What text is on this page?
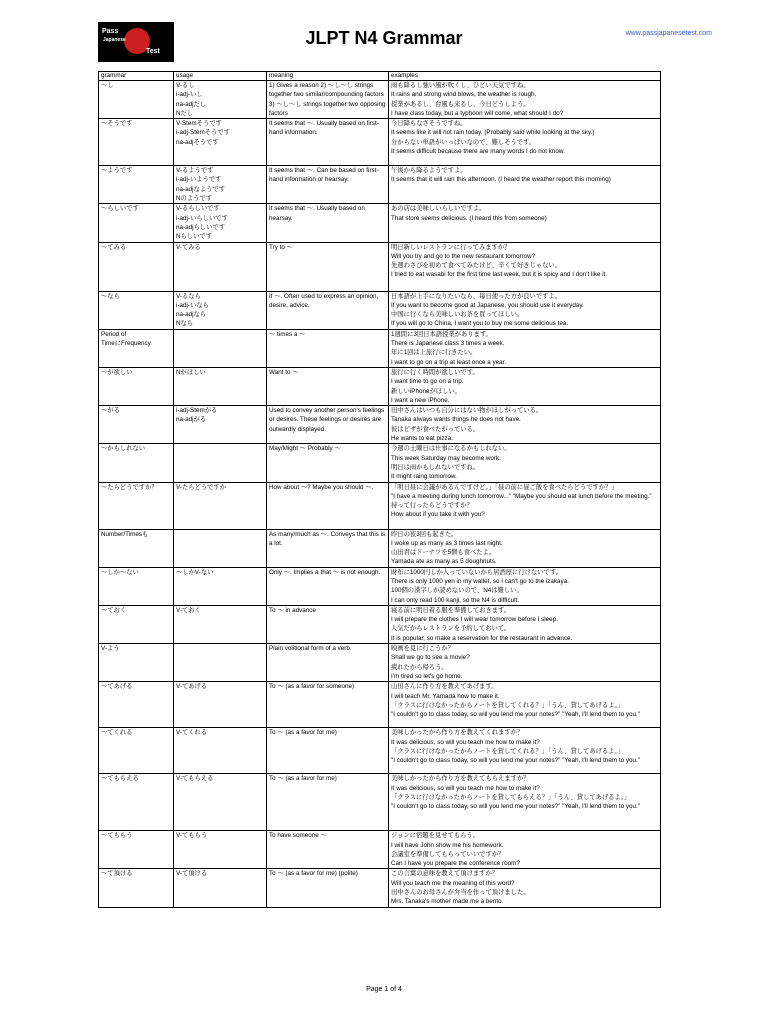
Pass
Japanese
Test
JLPT N4 Grammar	www.passjapanesetest.com
grammar	usage	meaning	examples
〜し	V-るし
i-adj-いし
na-adjだし
Nだし	1) Gives a reason 2) 〜し〜し strings together two similar/compounding factors 3) 〜し〜し strings together two opposing factors	雨も降るし強い風が吹くし、ひどい天気ですね。
It rains and strong wind blows, the weather is rough.
授業があるし、台風も来るし、今日どうしよう。
I have class today, but a typhoon will come, what should I do?

〜そうです	V-Stemそうです
i-adj-Stemそうです
na-adjそうです	It seems that 〜. Usually based on first-hand information.	今日降らなさそうですね。
It seems like it will not rain today. (Probably said while looking at the sky.)
分からない単語がいっぱいなので、難しそうです。
It seems difficult because there are many words I do not know.

〜ようです	V-るようです
i-adj-いようです
na-adjなようです
Nのようです	It seems that 〜. Can be based on first-hand information or hearsay.	午後から降るようですよ。
It seems that it will rain this afternoon. (I heard the weather report this morning)

〜らしいです	V-るらしいです
i-adj-いらしいです
na-adjらしいです
Nらしいです	It seems that 〜. Usually based on hearsay.	あの店は美味しいらしいですよ。
That store seems delicious. (I heard this from someone)

〜てみる	V-てみる	Try to 〜	明日新しいレストランに行ってみますか？
Will you try and go to the new restaurant tomorrow?
先週わさびを初めて食べてみたけど、辛くて好きじゃない。
I tried to eat wasabi for the first time last week, but it is spicy and I don't like it.

〜なら	V-るなら
i-adj-いなら
na-adjなら
Nなら	If 〜. Often used to express an opinion, desire, advice.	日本語が上手になりたいなら、毎日使った方が良いですよ。
If you want to become good at Japanese, you should use it everyday.
中国に行くなら美味しいお茶を買ってほしい。
If you will go to China, I want you to buy me some delicious tea.

Period of
TimeにFrequency		〜 times a 〜	1週間に3回日本語授業があります。
There is Japanese class 3 times a week.
年に1回は上旅行に行きたい。
I want to go on a trip at least once a year.

〜が欲しい	Nがほしい	Want to 〜	旅行に行く時間が欲しいです。
I want time to go on a trip.
新しいiPhoneがほしい。
I want a new iPhone.

〜がる	i-adj-Stemがる
na-adjがる	Used to convey another person's feelings or desires. These feelings or desires are outwardly displayed.	田中さんはいつも自分にはない物がほしがっている。
Tanaka always wants things he does not have.
彼はピザが食べたがっている。
He wants to eat pizza.

〜かもしれない		May/Might 〜 Probably 〜	今週の土曜日は仕事になるかもしれない。
This week Saturday may become work.
明日は雨かもしれないですね。
It might raing tomorrow.

〜たらどうですか？	V-たらどうですか	How about 〜? Maybe you should 〜.	「明日昼に会議があるんですけど。」「昼の前に昼ご飯を食べたらどうですか？」
"I have a meeting during lunch tomorrow..." "Maybe you should eat lunch before the meeting."
持って行ったらどうですか？
How about if you take it with you?

Number/Timesも		As many/much as 〜. Conveys that this is a lot.	昨日の夜3回も起きた。
I woke up as many as 3 times last night.
山田君はドーナツを5個も食べたよ。
Yamada ate as many as 5 doughnuts.

〜しか〜ない	〜しかV-ない	Only 〜. Implies a that 〜 is not enough.	財布に1000円しか入っていないから居酒屋に行けないです。
There is only 1000 yen in my wallet, so I can't go to the izakaya.
100個の漢字しか読めないので、N4は難しい。
I can only read 100 kanji, so the N4 is difficult.

〜ておく	V-ておく	To 〜 in advance	寝る前に明日着る服を準備しておきます。
I will prepare the clothes I will wear tomorrow before I sleep.
人気だからレストランを予約しておいて。
It is popular, so make a reservation for the restaurant in advance.

V-よう		Plain volitional form of a verb.	映画を見に行こうか？
Shall we go to see a movie?
疲れたから帰ろう。
I'm tired so let's go home.

〜てあげる	V-てあげる	To 〜 (as a favor for someone)	山田さんに作り方を教えてあげます。
I will teach Mr. Yamada how to make it.
「クラスに行けなかったからノートを貸してくれる？」「うん、貸してあげるよ。」
"I couldn't go to class today, so will you lend me your notes?" "Yeah, I'll lend them to you."

〜てくれる	V-てくれる	To 〜 (as a favor for me)	美味しかったから作り方を教えてくれますか？
It was delicious, so will you teach me how to make it?
「クラスに行けなかったからノートを貸してくれる？」「うん、貸してあげるよ。」
"I couldn't go to class today, so will you lend me your notes?" "Yeah, I'll lend them to you."

〜てもらえる	V-てもらえる	To 〜 (as a favor for me)	美味しかったから作り方を教えてもらえますか？
It was delicious, so will you teach me how to make it?
「クラスに行けなかったからノートを貸してもらえる？」「うん、貸してあげるよ。」
"I couldn't go to class today, so will you lend me your notes?" "Yeah, I'll lend them to you."

〜てもらう	V-てもらう	To have someone 〜	ジョンに宿題を見せてもらう。
I will have John show me his homework.
会議室を準備してもらっていいですか？
Can I have you prepare the conference room?

〜て頂ける	V-て頂ける	To 〜 (as a favor for me) (polite)	この言葉の意味を教えて頂けますか？
Will you teach me the meaning of this word?
田中さんのお母さんが弁当を作って頂けました。
Mrs. Tanaka's mother made me a bento.
Page 1 of 4
